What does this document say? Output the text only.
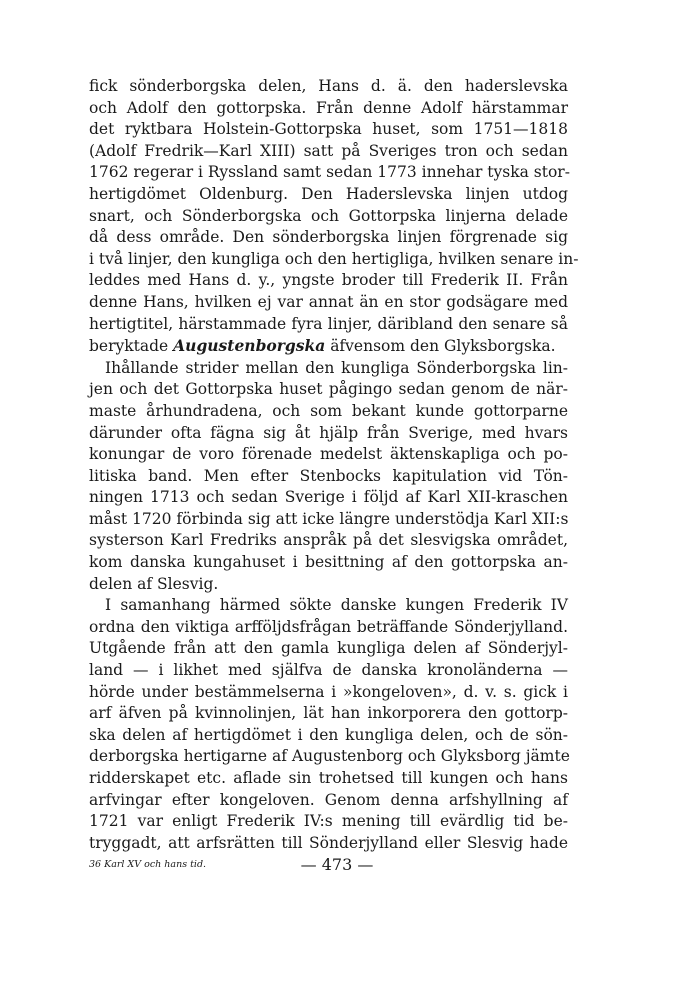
fick sönderborgska delen, Hans d. ä. den haderslevska
och Adolf den gottorpska. Från denne Adolf härstammar
det ryktbara Holstein-Gottorpska huset, som 1751—1818
(Adolf Fredrik—Karl XIII) satt på Sveriges tron och sedan
1762 regerar i Ryssland samt sedan 1773 innehar tyska stor-
hertigdömet Oldenburg. Den Haderslevska linjen utdog
snart, och Sönderborgska och Gottorpska linjerna delade
då dess område. Den sönderborgska linjen förgrenade sig
i två linjer, den kungliga och den hertigliga, hvilken senare in-
leddes med Hans d. y., yngste broder till Frederik II. Från
denne Hans, hvilken ej var annat än en stor godsägare med
hertigtitel, härstammade fyra linjer, däribland den senare så
beryktade Augustenborgska äfvensom den Glyksborgska.
Ihållande strider mellan den kungliga Sönderborgska lin-
jen och det Gottorpska huset pågingo sedan genom de när-
maste århundradena, och som bekant kunde gottorparne
därunder ofta fägna sig åt hjälp från Sverige, med hvars
konungar de voro förenade medelst äktenskapliga och po-
litiska band. Men efter Stenbocks kapitulation vid Tön-
ningen 1713 och sedan Sverige i följd af Karl XII-kraschen
måst 1720 förbinda sig att icke längre understödja Karl XII:s
systerson Karl Fredriks anspråk på det slesvigska området,
kom danska kungahuset i besittning af den gottorpska an-
delen af Slesvig.
I samanhang härmed sökte danske kungen Frederik IV
ordna den viktiga arfföljdsfrågan beträffande Sönderjylland.
Utgående från att den gamla kungliga delen af Sönderjyl-
land — i likhet med själfva de danska kronoländerna —
hörde under bestämmelserna i »kongeloven», d. v. s. gick i
arf äfven på kvinnolinjen, lät han inkorporera den gottorp-
ska delen af hertigdömet i den kungliga delen, och de sön-
derborgska hertigarne af Augustenborg och Glyksborg jämte
ridderskapet etc. aflade sin trohetsed till kungen och hans
arfvingar efter kongeloven. Genom denna arfshyllning af
1721 var enligt Frederik IV:s mening till evärdlig tid be-
tryggadt, att arfsrätten till Sönderjylland eller Slesvig hade
36 Karl XV och hans tid.	— 473 —
